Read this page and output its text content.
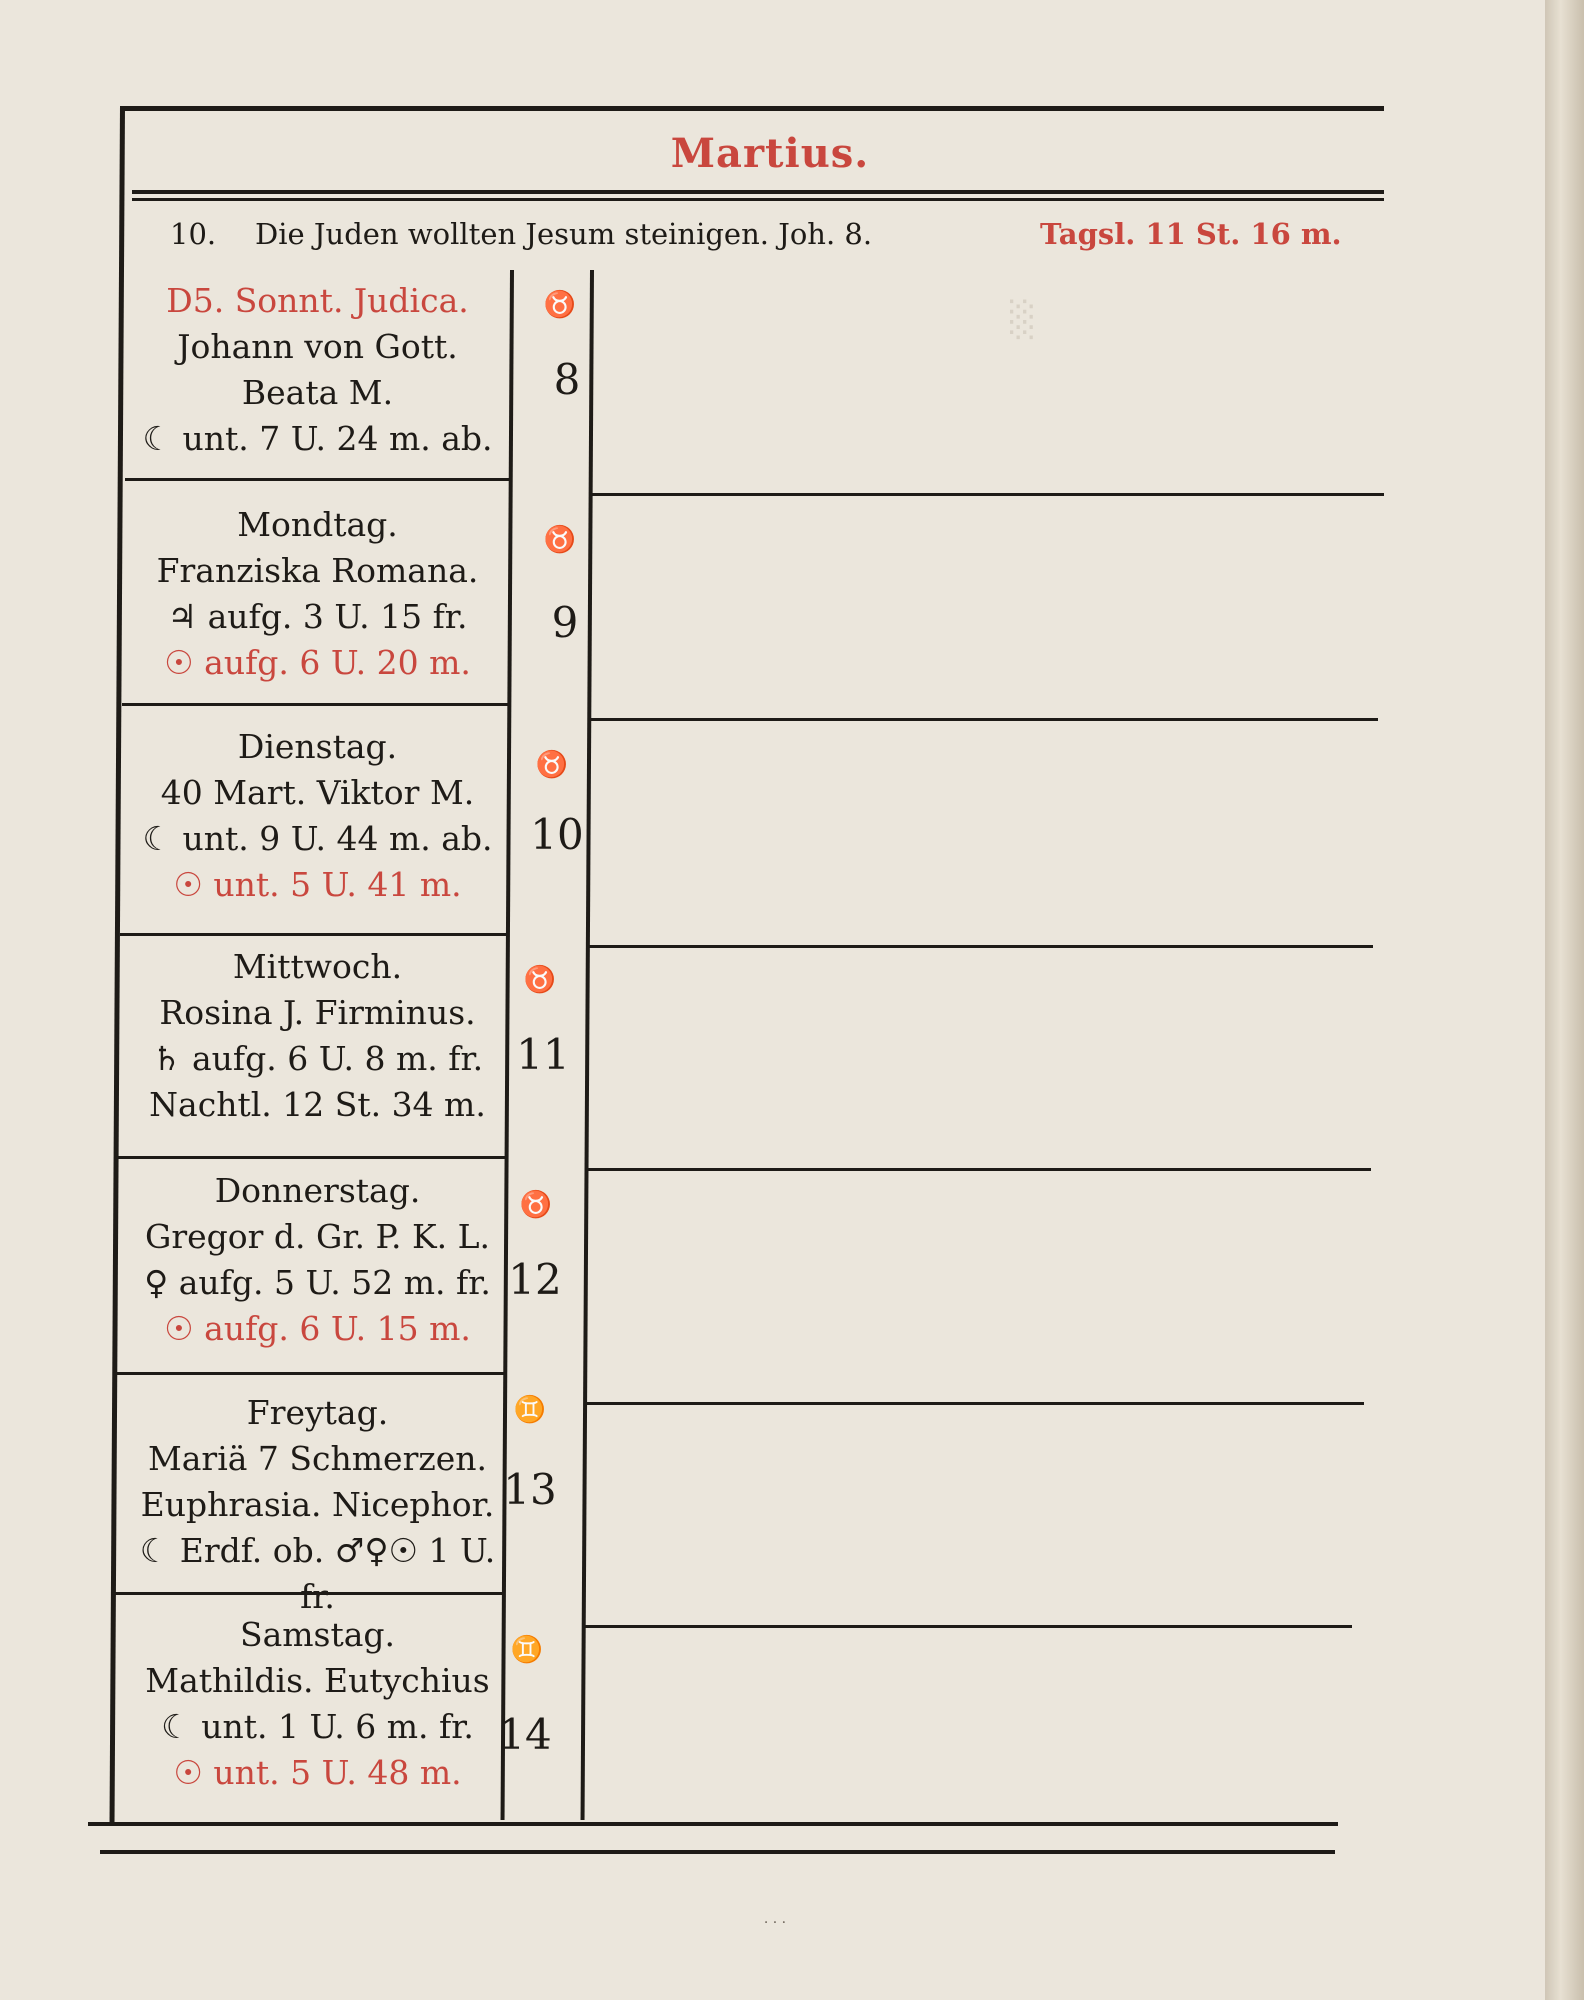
░
Martius.
10. Die Juden wollten Jesum steinigen. Joh. 8.	Tagsl. 11 St. 16 m.
D5. Sonnt. Judica.
Johann von Gott.
Beata M.
☾ unt. 7 U. 24 m. ab.
♉
8
Mondtag.
Franziska Romana.
♃ aufg. 3 U. 15 fr.
☉ aufg. 6 U. 20 m.
♉
9
Dienstag.
40 Mart. Viktor M.
☾ unt. 9 U. 44 m. ab.
☉ unt. 5 U. 41 m.
♉
10
Mittwoch.
Rosina J. Firminus.
♄ aufg. 6 U. 8 m. fr.
Nachtl. 12 St. 34 m.
♉
11
Donnerstag.
Gregor d. Gr. P. K. L.
♀ aufg. 5 U. 52 m. fr.
☉ aufg. 6 U. 15 m.
♉
12
Freytag.
Mariä 7 Schmerzen.
Euphrasia. Nicephor.
☾ Erdf. ob. ♂♀☉ 1 U. fr.
♊
13
Samstag.
Mathildis. Eutychius
☾ unt. 1 U. 6 m. fr.
☉ unt. 5 U. 48 m.
♊
14
· · ·
